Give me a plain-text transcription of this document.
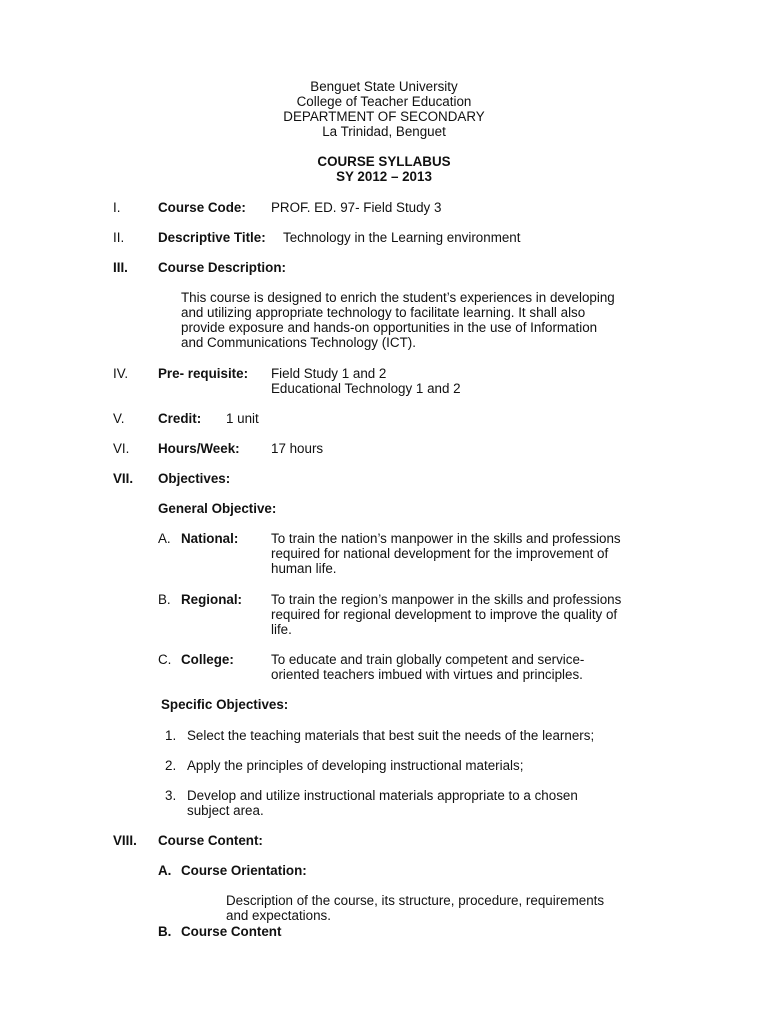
Benguet State University
College of Teacher Education
DEPARTMENT OF SECONDARY
La Trinidad, Benguet
COURSE SYLLABUS
SY 2012 – 2013
I.	Course Code: PROF. ED. 97- Field Study 3
II.	Descriptive Title: Technology in the Learning environment
III. Course Description:
This course is designed to enrich the student’s experiences in developing
and utilizing appropriate technology to facilitate learning. It shall also
provide exposure and hands-on opportunities in the use of Information
and Communications Technology (ICT).
IV. Pre- requisite: Field Study 1 and 2
Educational Technology 1 and 2
V.	Credit: 1 unit
VI. Hours/Week: 17 hours
VII. Objectives:
General Objective:
A. National: To train the nation’s manpower in the skills and professions
required for national development for the improvement of
human life.
B. Regional: To train the region’s manpower in the skills and professions
required for regional development to improve the quality of
life.
C. College:	To educate and train globally competent and service-
oriented teachers imbued with virtues and principles.
Specific Objectives:
1. Select the teaching materials that best suit the needs of the learners;
2. Apply the principles of developing instructional materials;
3. Develop and utilize instructional materials appropriate to a chosen
subject area.
VIII. Course Content:
A. Course Orientation:
Description of the course, its structure, procedure, requirements
and expectations.
B. Course Content
